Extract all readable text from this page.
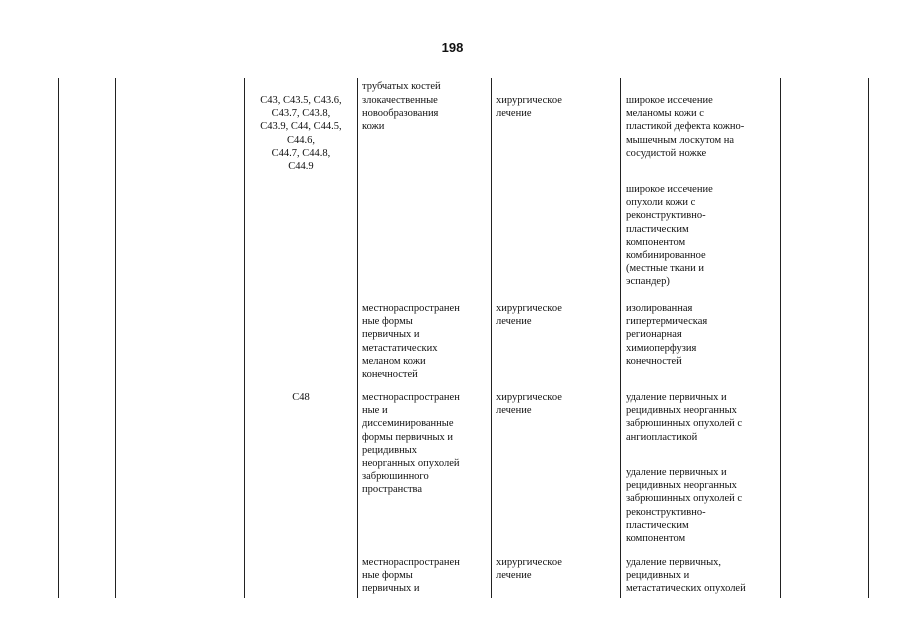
198
трубчатых костей
C43, C43.5, C43.6,
C43.7, C43.8,
C43.9, C44, C44.5,
C44.6,
C44.7, C44.8,
C44.9
злокачественные
новообразования
кожи
хирургическое
лечение
широкое иссечение
меланомы кожи с
пластикой дефекта кожно-
мышечным лоскутом на
сосудистой ножке
широкое иссечение
опухоли кожи с
реконструктивно-
пластическим
компонентом
комбинированное
(местные ткани и
эспандер)
местнораспространен
ные формы
первичных и
метастатических
меланом кожи
конечностей
хирургическое
лечение
изолированная
гипертермическая
регионарная
химиоперфузия
конечностей
C48	местнораспространен
ные и
диссеминированные
формы первичных и
рецидивных
неорганных опухолей
забрюшинного
пространства
хирургическое
лечение
удаление первичных и
рецидивных неорганных
забрюшинных опухолей с
ангиопластикой
удаление первичных и
рецидивных неорганных
забрюшинных опухолей с
реконструктивно-
пластическим
компонентом
местнораспространен
ные формы
первичных и
хирургическое
лечение
удаление первичных,
рецидивных и
метастатических опухолей
